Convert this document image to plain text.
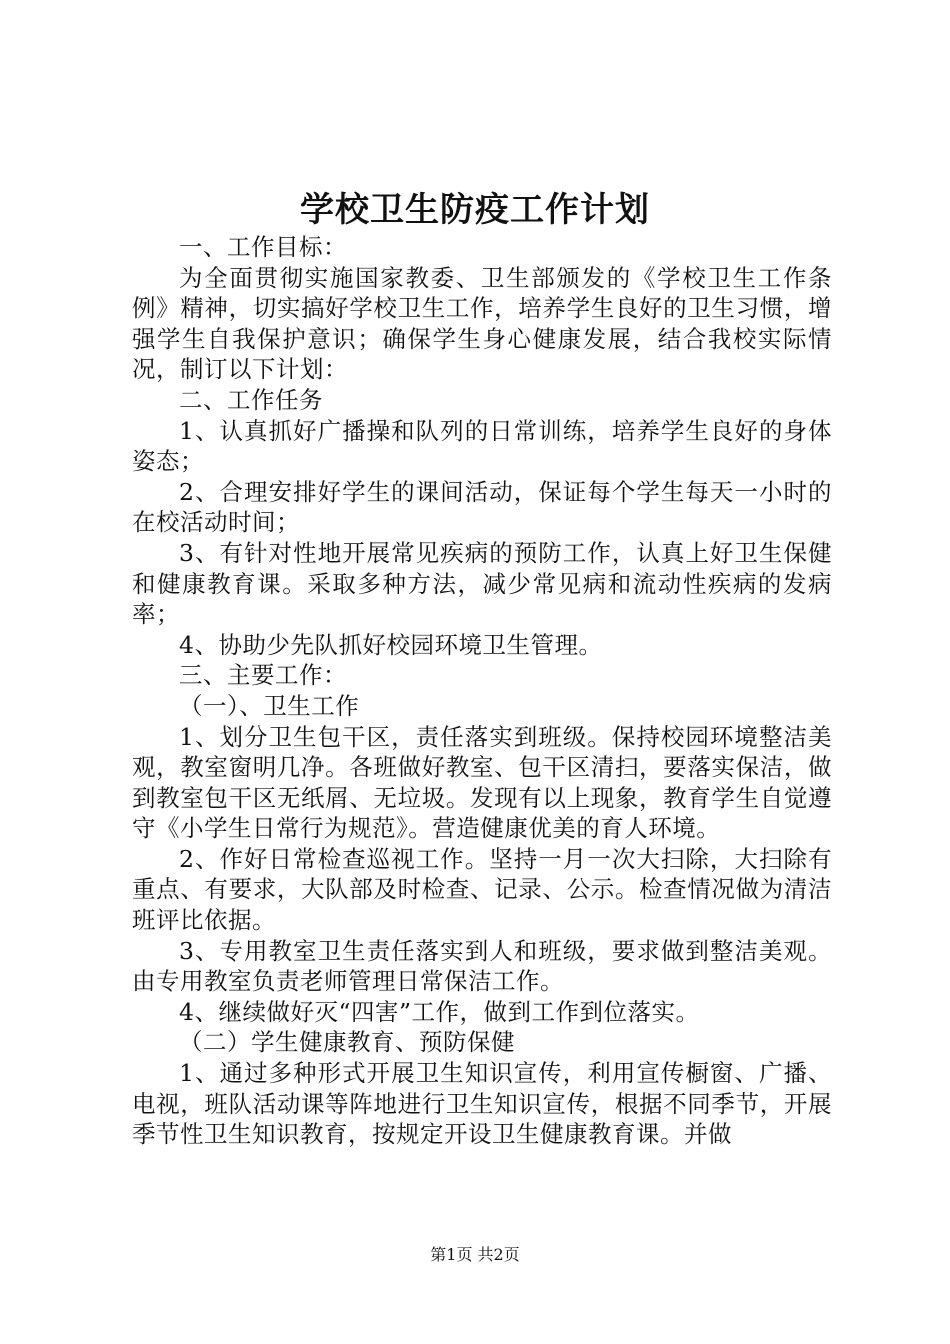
学校卫生防疫工作计划

一、工作目标：

为全面贯彻实施国家教委、卫生部颁发的《学校卫生工作条例》精神，切实搞好学校卫生工作，培养学生良好的卫生习惯，增强学生自我保护意识；确保学生身心健康发展，结合我校实际情况，制订以下计划：

二、工作任务

1、认真抓好广播操和队列的日常训练，培养学生良好的身体姿态；

2、合理安排好学生的课间活动，保证每个学生每天一小时的在校活动时间；

3、有针对性地开展常见疾病的预防工作，认真上好卫生保健和健康教育课。采取多种方法，减少常见病和流动性疾病的发病率；

4、协助少先队抓好校园环境卫生管理。

三、主要工作：

（一）、卫生工作

1、划分卫生包干区，责任落实到班级。保持校园环境整洁美观，教室窗明几净。各班做好教室、包干区清扫，要落实保洁，做到教室包干区无纸屑、无垃圾。发现有以上现象，教育学生自觉遵守《小学生日常行为规范》。营造健康优美的育人环境。

2、作好日常检查巡视工作。坚持一月一次大扫除，大扫除有重点、有要求，大队部及时检查、记录、公示。检查情况做为清洁班评比依据。

3、专用教室卫生责任落实到人和班级，要求做到整洁美观。由专用教室负责老师管理日常保洁工作。

4、继续做好灭“四害”工作，做到工作到位落实。

（二）学生健康教育、预防保健

1、通过多种形式开展卫生知识宣传，利用宣传橱窗、广播、电视，班队活动课等阵地进行卫生知识宣传，根据不同季节，开展季节性卫生知识教育，按规定开设卫生健康教育课。并做

第1页 共2页
